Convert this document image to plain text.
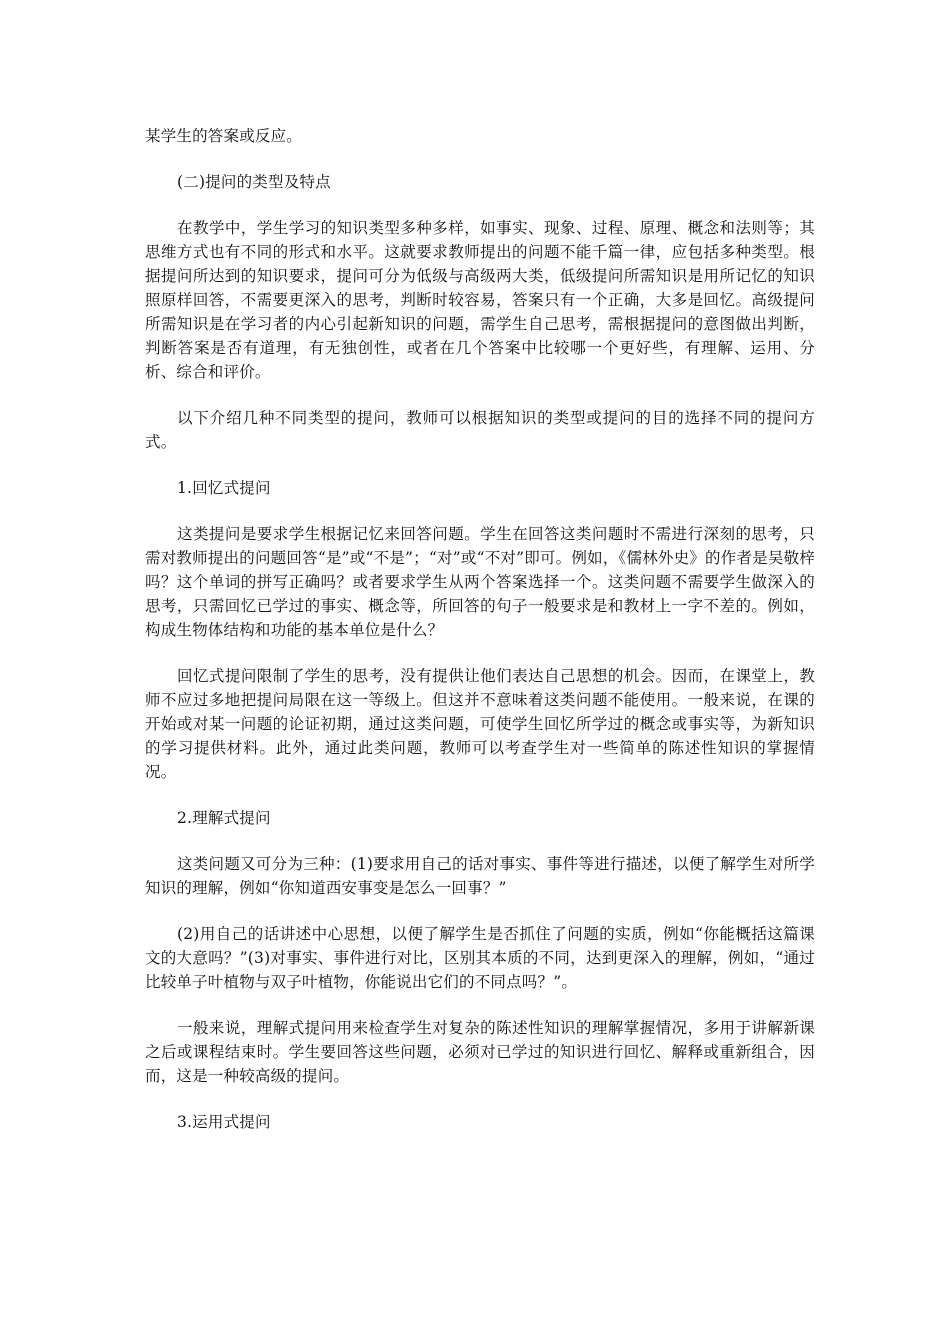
某学生的答案或反应。

(二)提问的类型及特点

在教学中，学生学习的知识类型多种多样，如事实、现象、过程、原理、概念和法则等；其思维方式也有不同的形式和水平。这就要求教师提出的问题不能千篇一律，应包括多种类型。根据提问所达到的知识要求，提问可分为低级与高级两大类，低级提问所需知识是用所记忆的知识照原样回答，不需要更深入的思考，判断时较容易，答案只有一个正确，大多是回忆。高级提问所需知识是在学习者的内心引起新知识的问题，需学生自己思考，需根据提问的意图做出判断，判断答案是否有道理，有无独创性，或者在几个答案中比较哪一个更好些，有理解、运用、分析、综合和评价。

以下介绍几种不同类型的提问，教师可以根据知识的类型或提问的目的选择不同的提问方式。

1.回忆式提问

这类提问是要求学生根据记忆来回答问题。学生在回答这类问题时不需进行深刻的思考，只需对教师提出的问题回答“是”或“不是”；“对”或“不对”即可。例如，《儒林外史》的作者是吴敬梓吗？这个单词的拼写正确吗？或者要求学生从两个答案选择一个。这类问题不需要学生做深入的思考，只需回忆已学过的事实、概念等，所回答的句子一般要求是和教材上一字不差的。例如，构成生物体结构和功能的基本单位是什么？

回忆式提问限制了学生的思考，没有提供让他们表达自己思想的机会。因而，在课堂上，教师不应过多地把提问局限在这一等级上。但这并不意味着这类问题不能使用。一般来说，在课的开始或对某一问题的论证初期，通过这类问题，可使学生回忆所学过的概念或事实等，为新知识的学习提供材料。此外，通过此类问题，教师可以考查学生对一些简单的陈述性知识的掌握情况。

2.理解式提问

这类问题又可分为三种：(1)要求用自己的话对事实、事件等进行描述，以便了解学生对所学知识的理解，例如“你知道西安事变是怎么一回事？”

(2)用自己的话讲述中心思想，以便了解学生是否抓住了问题的实质，例如“你能概括这篇课文的大意吗？”(3)对事实、事件进行对比，区别其本质的不同，达到更深入的理解，例如，“通过比较单子叶植物与双子叶植物，你能说出它们的不同点吗？”。

一般来说，理解式提问用来检查学生对复杂的陈述性知识的理解掌握情况，多用于讲解新课之后或课程结束时。学生要回答这些问题，必须对已学过的知识进行回忆、解释或重新组合，因而，这是一种较高级的提问。

3.运用式提问
